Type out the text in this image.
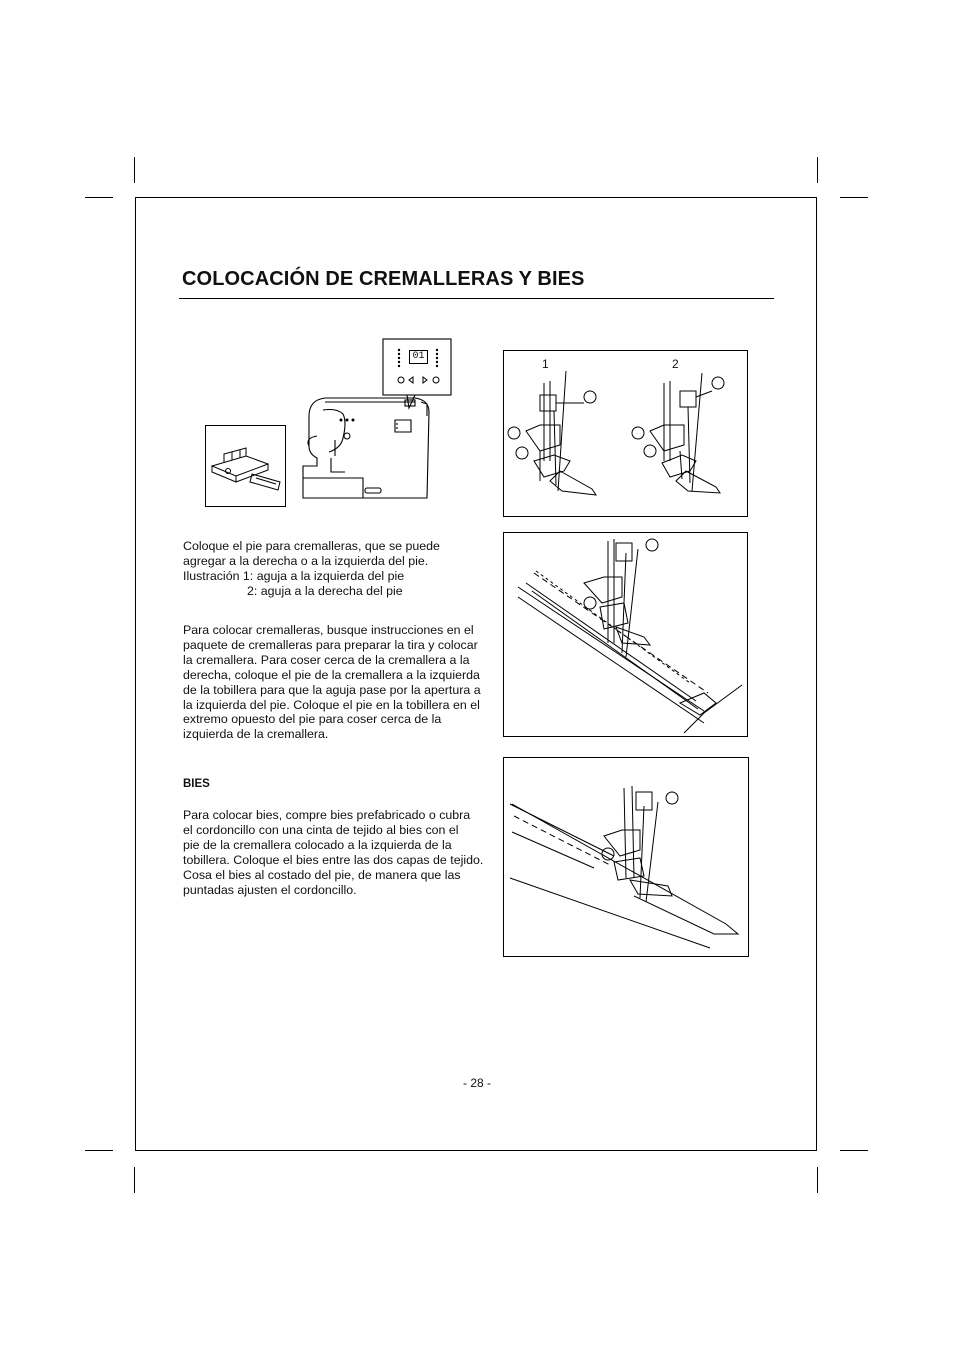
COLOCACIÓN DE CREMALLERAS Y BIES
01
1	2
Coloque el pie para cremalleras, que se puede
agregar a la derecha o a la izquierda del pie.
Ilustración 1: aguja a la izquierda del pie
2: aguja a la derecha del pie
Para colocar cremalleras, busque instrucciones en el
paquete de cremalleras para preparar la tira y colocar
la cremallera. Para coser cerca de la cremallera a la
derecha, coloque el pie de la cremallera a la izquierda
de la tobillera para que la aguja pase por la apertura a
la izquierda del pie. Coloque el pie en la tobillera en el
extremo opuesto del pie para coser cerca de la
izquierda de la cremallera.
BIES
Para colocar bies, compre bies prefabricado o cubra
el cordoncillo con una cinta de tejido al bies con el
pie de la cremallera colocado a la izquierda de la
tobillera. Coloque el bies entre las dos capas de tejido.
Cosa el bies al costado del pie, de manera que las
puntadas ajusten el cordoncillo.
- 28 -
